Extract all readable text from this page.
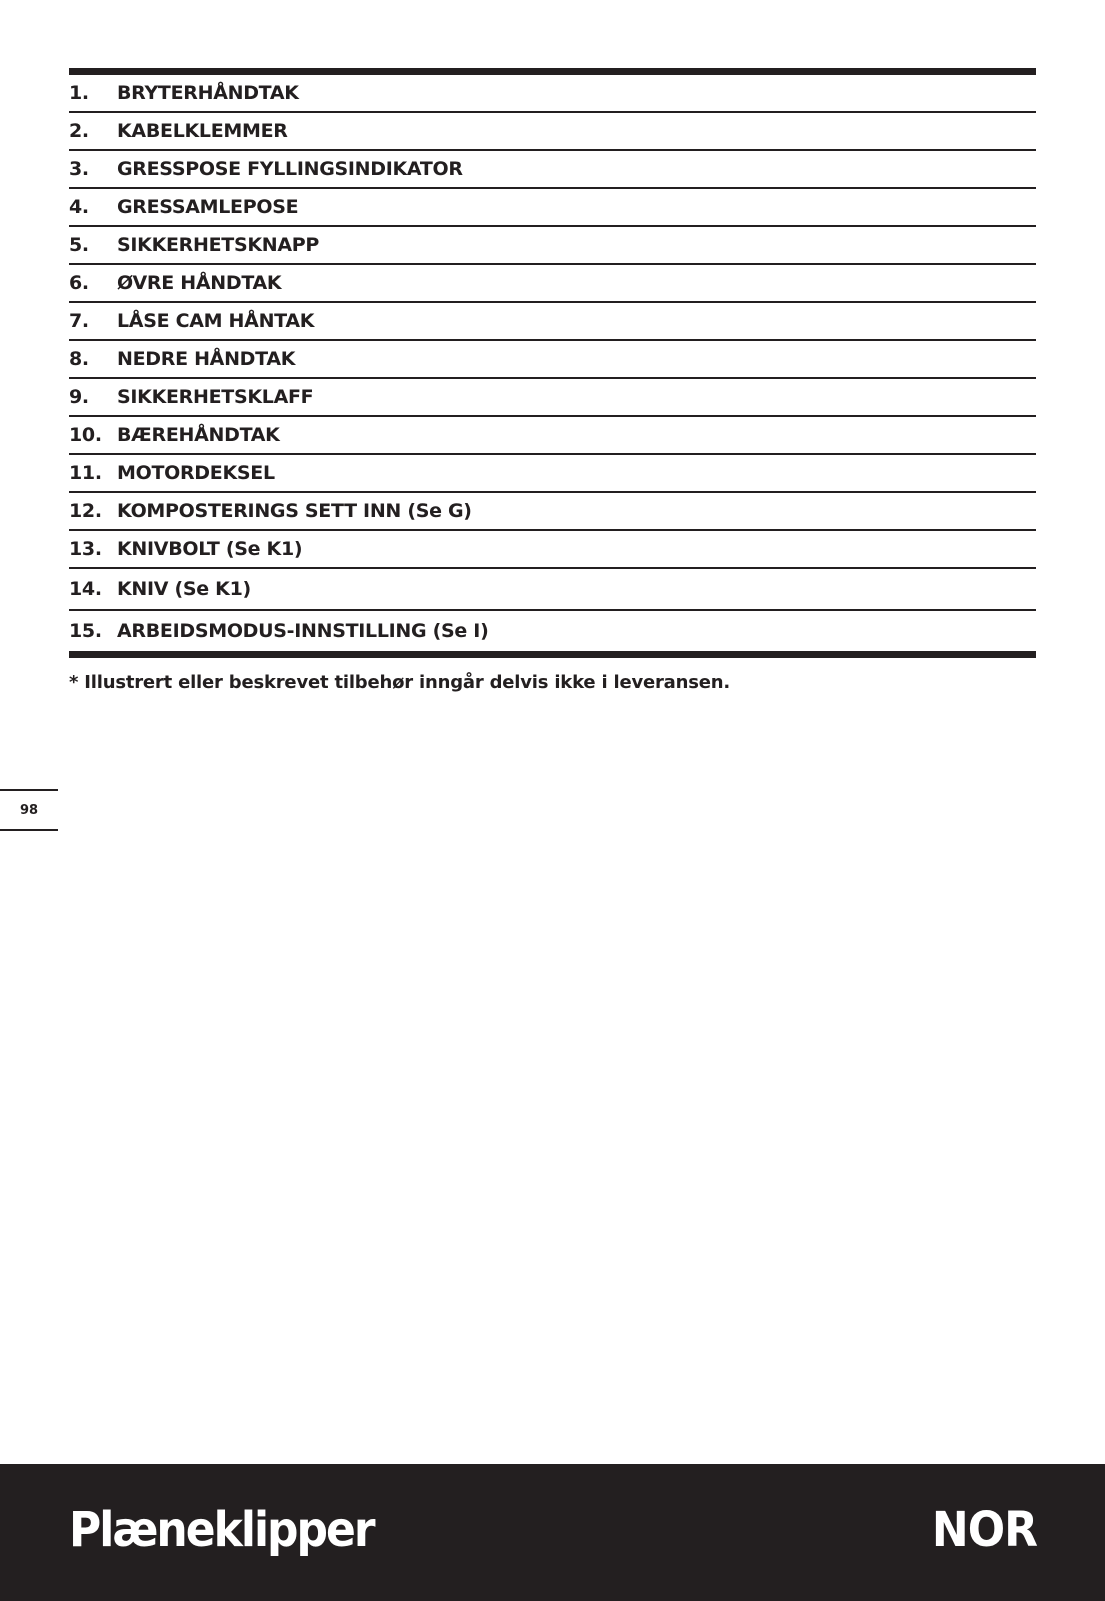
1.	BRYTERHÅNDTAK
2.	KABELKLEMMER
3.	GRESSPOSE FYLLINGSINDIKATOR
4.	GRESSAMLEPOSE
5.	SIKKERHETSKNAPP
6.	ØVRE HÅNDTAK
7.	LÅSE CAM HÅNTAK
8.	NEDRE HÅNDTAK
9.	SIKKERHETSKLAFF
10. BÆREHÅNDTAK
11. MOTORDEKSEL
12. KOMPOSTERINGS SETT INN (Se G)
13. KNIVBOLT (Se K1)
14. KNIV (Se K1)
15. ARBEIDSMODUS-INNSTILLING (Se I)
* Illustrert eller beskrevet tilbehør inngår delvis ikke i leveransen.
98
Plæneklipper	NOR
